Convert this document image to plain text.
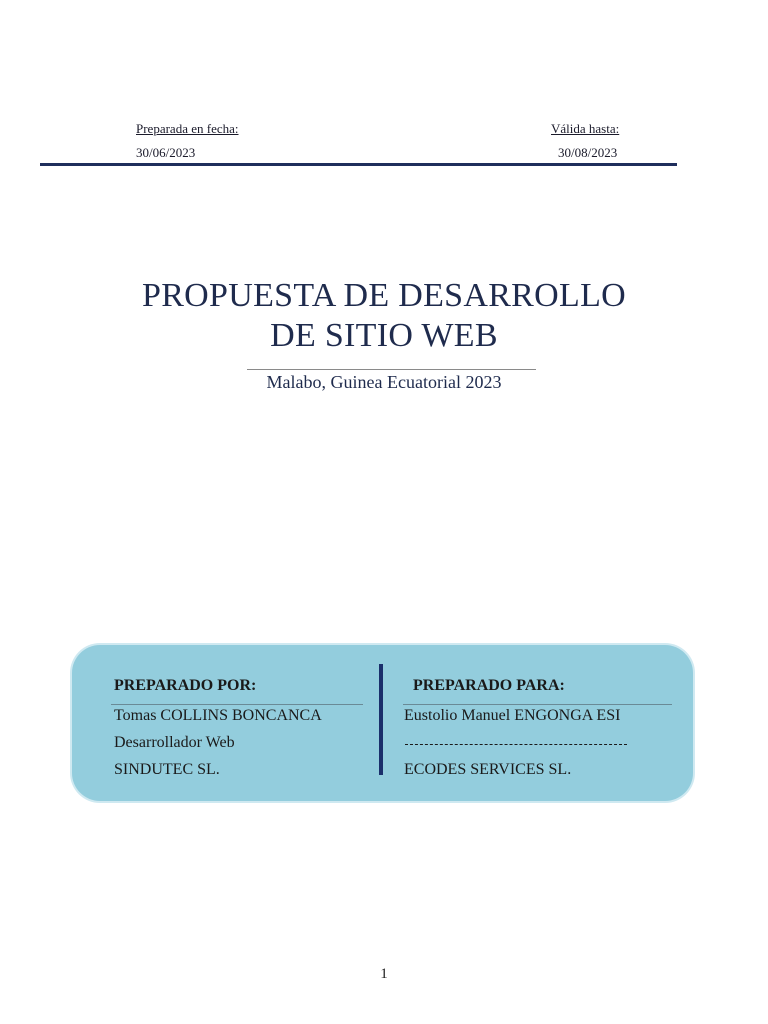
Preparada en fecha:
30/06/2023
Válida hasta:
30/08/2023
PROPUESTA DE DESARROLLO
DE SITIO WEB
Malabo, Guinea Ecuatorial 2023
PREPARADO POR:
Tomas COLLINS BONCANCA
Desarrollador Web
SINDUTEC SL.
PREPARADO PARA:
Eustolio Manuel ENGONGA ESI
ECODES SERVICES SL.
1
